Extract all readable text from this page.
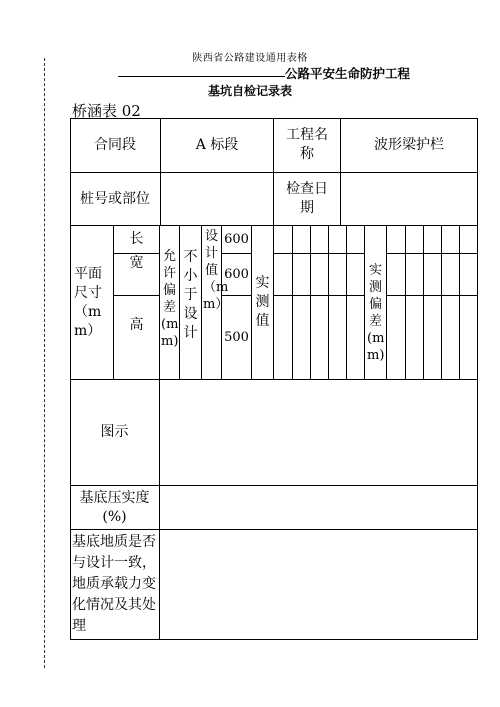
陕西省公路建设通用表格
公路平安生命防护工程
基坑自检记录表
桥涵表 02
合同段	A 标段
工程名称
波形梁护栏
桩号或部位
检查日期
平面尺寸（mm）
长
宽
高
允许偏差(mm)
不小于设计
设计值（mm）
600
600
500
实测值
实测偏差(mm)
图示
基底压实度(%)
基底地质是否与设计一致，地质承载力变化情况及其处理
